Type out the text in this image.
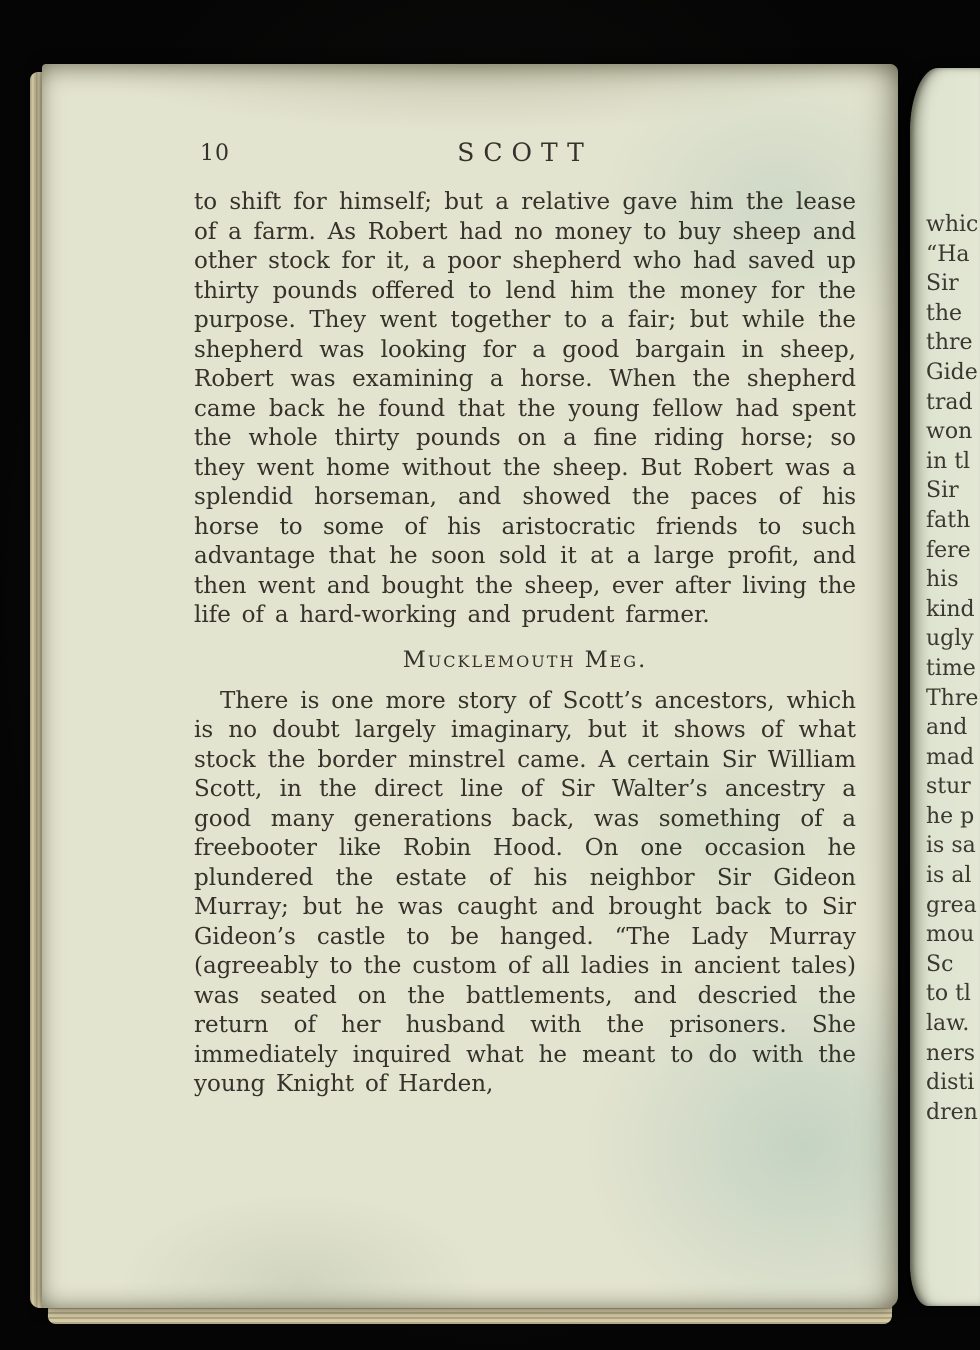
10	SCOTT

to shift for himself; but a relative gave him the lease of a farm. As Robert had no money to buy sheep and other stock for it, a poor shepherd who had saved up thirty pounds offered to lend him the money for the purpose. They went together to a fair; but while the shepherd was looking for a good bargain in sheep, Robert was examining a horse. When the shepherd came back he found that the young fellow had spent the whole thirty pounds on a fine riding horse; so they went home without the sheep. But Robert was a splendid horseman, and showed the paces of his horse to some of his aristocratic friends to such advantage that he soon sold it at a large profit, and then went and bought the sheep, ever after living the life of a hard-working and prudent farmer.

Mucklemouth Meg.

There is one more story of Scott’s ancestors, which is no doubt largely imaginary, but it shows of what stock the border minstrel came. A certain Sir William Scott, in the direct line of Sir Walter’s ancestry a good many generations back, was something of a freebooter like Robin Hood. On one occasion he plundered the estate of his neighbor Sir Gideon Murray; but he was caught and brought back to Sir Gideon’s castle to be hanged. “The Lady Murray (agreeably to the custom of all ladies in ancient tales) was seated on the battlements, and descried the return of her husband with the prisoners. She immediately inquired what he meant to do with the young Knight of Harden,

whic
“Ha
Sir
the
thre
Gide
trad
won
in tl
Sir
fath
fere
his
kind
ugly
time
Thre
and
mad
stur
he p
is sa
is al
grea
mou
Sc
to tl
law.
ners
disti
dren
